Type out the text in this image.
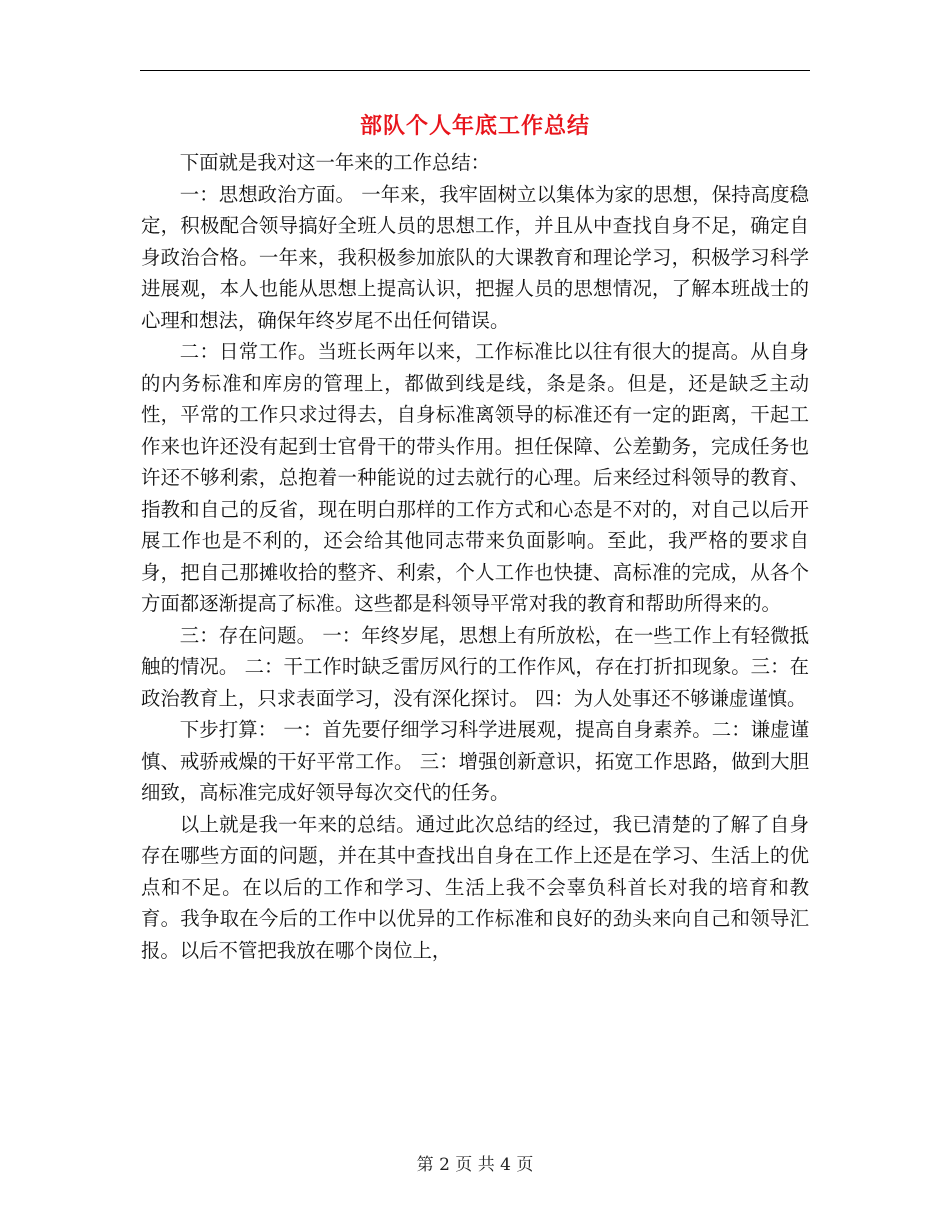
部队个人年底工作总结

下面就是我对这一年来的工作总结：

一：思想政治方面。 一年来，我牢固树立以集体为家的思想，保持高度稳定，积极配合领导搞好全班人员的思想工作，并且从中查找自身不足，确定自身政治合格。一年来，我积极参加旅队的大课教育和理论学习，积极学习科学进展观，本人也能从思想上提高认识，把握人员的思想情况，了解本班战士的心理和想法，确保年终岁尾不出任何错误。

二：日常工作。当班长两年以来，工作标准比以往有很大的提高。从自身的内务标准和库房的管理上，都做到线是线，条是条。但是，还是缺乏主动性，平常的工作只求过得去，自身标准离领导的标准还有一定的距离，干起工作来也许还没有起到士官骨干的带头作用。担任保障、公差勤务，完成任务也许还不够利索，总抱着一种能说的过去就行的心理。后来经过科领导的教育、指教和自己的反省，现在明白那样的工作方式和心态是不对的，对自己以后开展工作也是不利的，还会给其他同志带来负面影响。至此，我严格的要求自身，把自己那摊收拾的整齐、利索，个人工作也快捷、高标准的完成，从各个方面都逐渐提高了标准。这些都是科领导平常对我的教育和帮助所得来的。

三：存在问题。 一：年终岁尾，思想上有所放松，在一些工作上有轻微抵触的情况。 二：干工作时缺乏雷厉风行的工作作风，存在打折扣现象。三：在政治教育上，只求表面学习，没有深化探讨。 四：为人处事还不够谦虚谨慎。

下步打算： 一：首先要仔细学习科学进展观，提高自身素养。二：谦虚谨慎、戒骄戒燥的干好平常工作。 三：增强创新意识，拓宽工作思路，做到大胆细致，高标准完成好领导每次交代的任务。

以上就是我一年来的总结。通过此次总结的经过，我已清楚的了解了自身存在哪些方面的问题，并在其中查找出自身在工作上还是在学习、生活上的优点和不足。在以后的工作和学习、生活上我不会辜负科首长对我的培育和教育。我争取在今后的工作中以优异的工作标准和良好的劲头来向自己和领导汇报。以后不管把我放在哪个岗位上，

第 2 页 共 4 页
